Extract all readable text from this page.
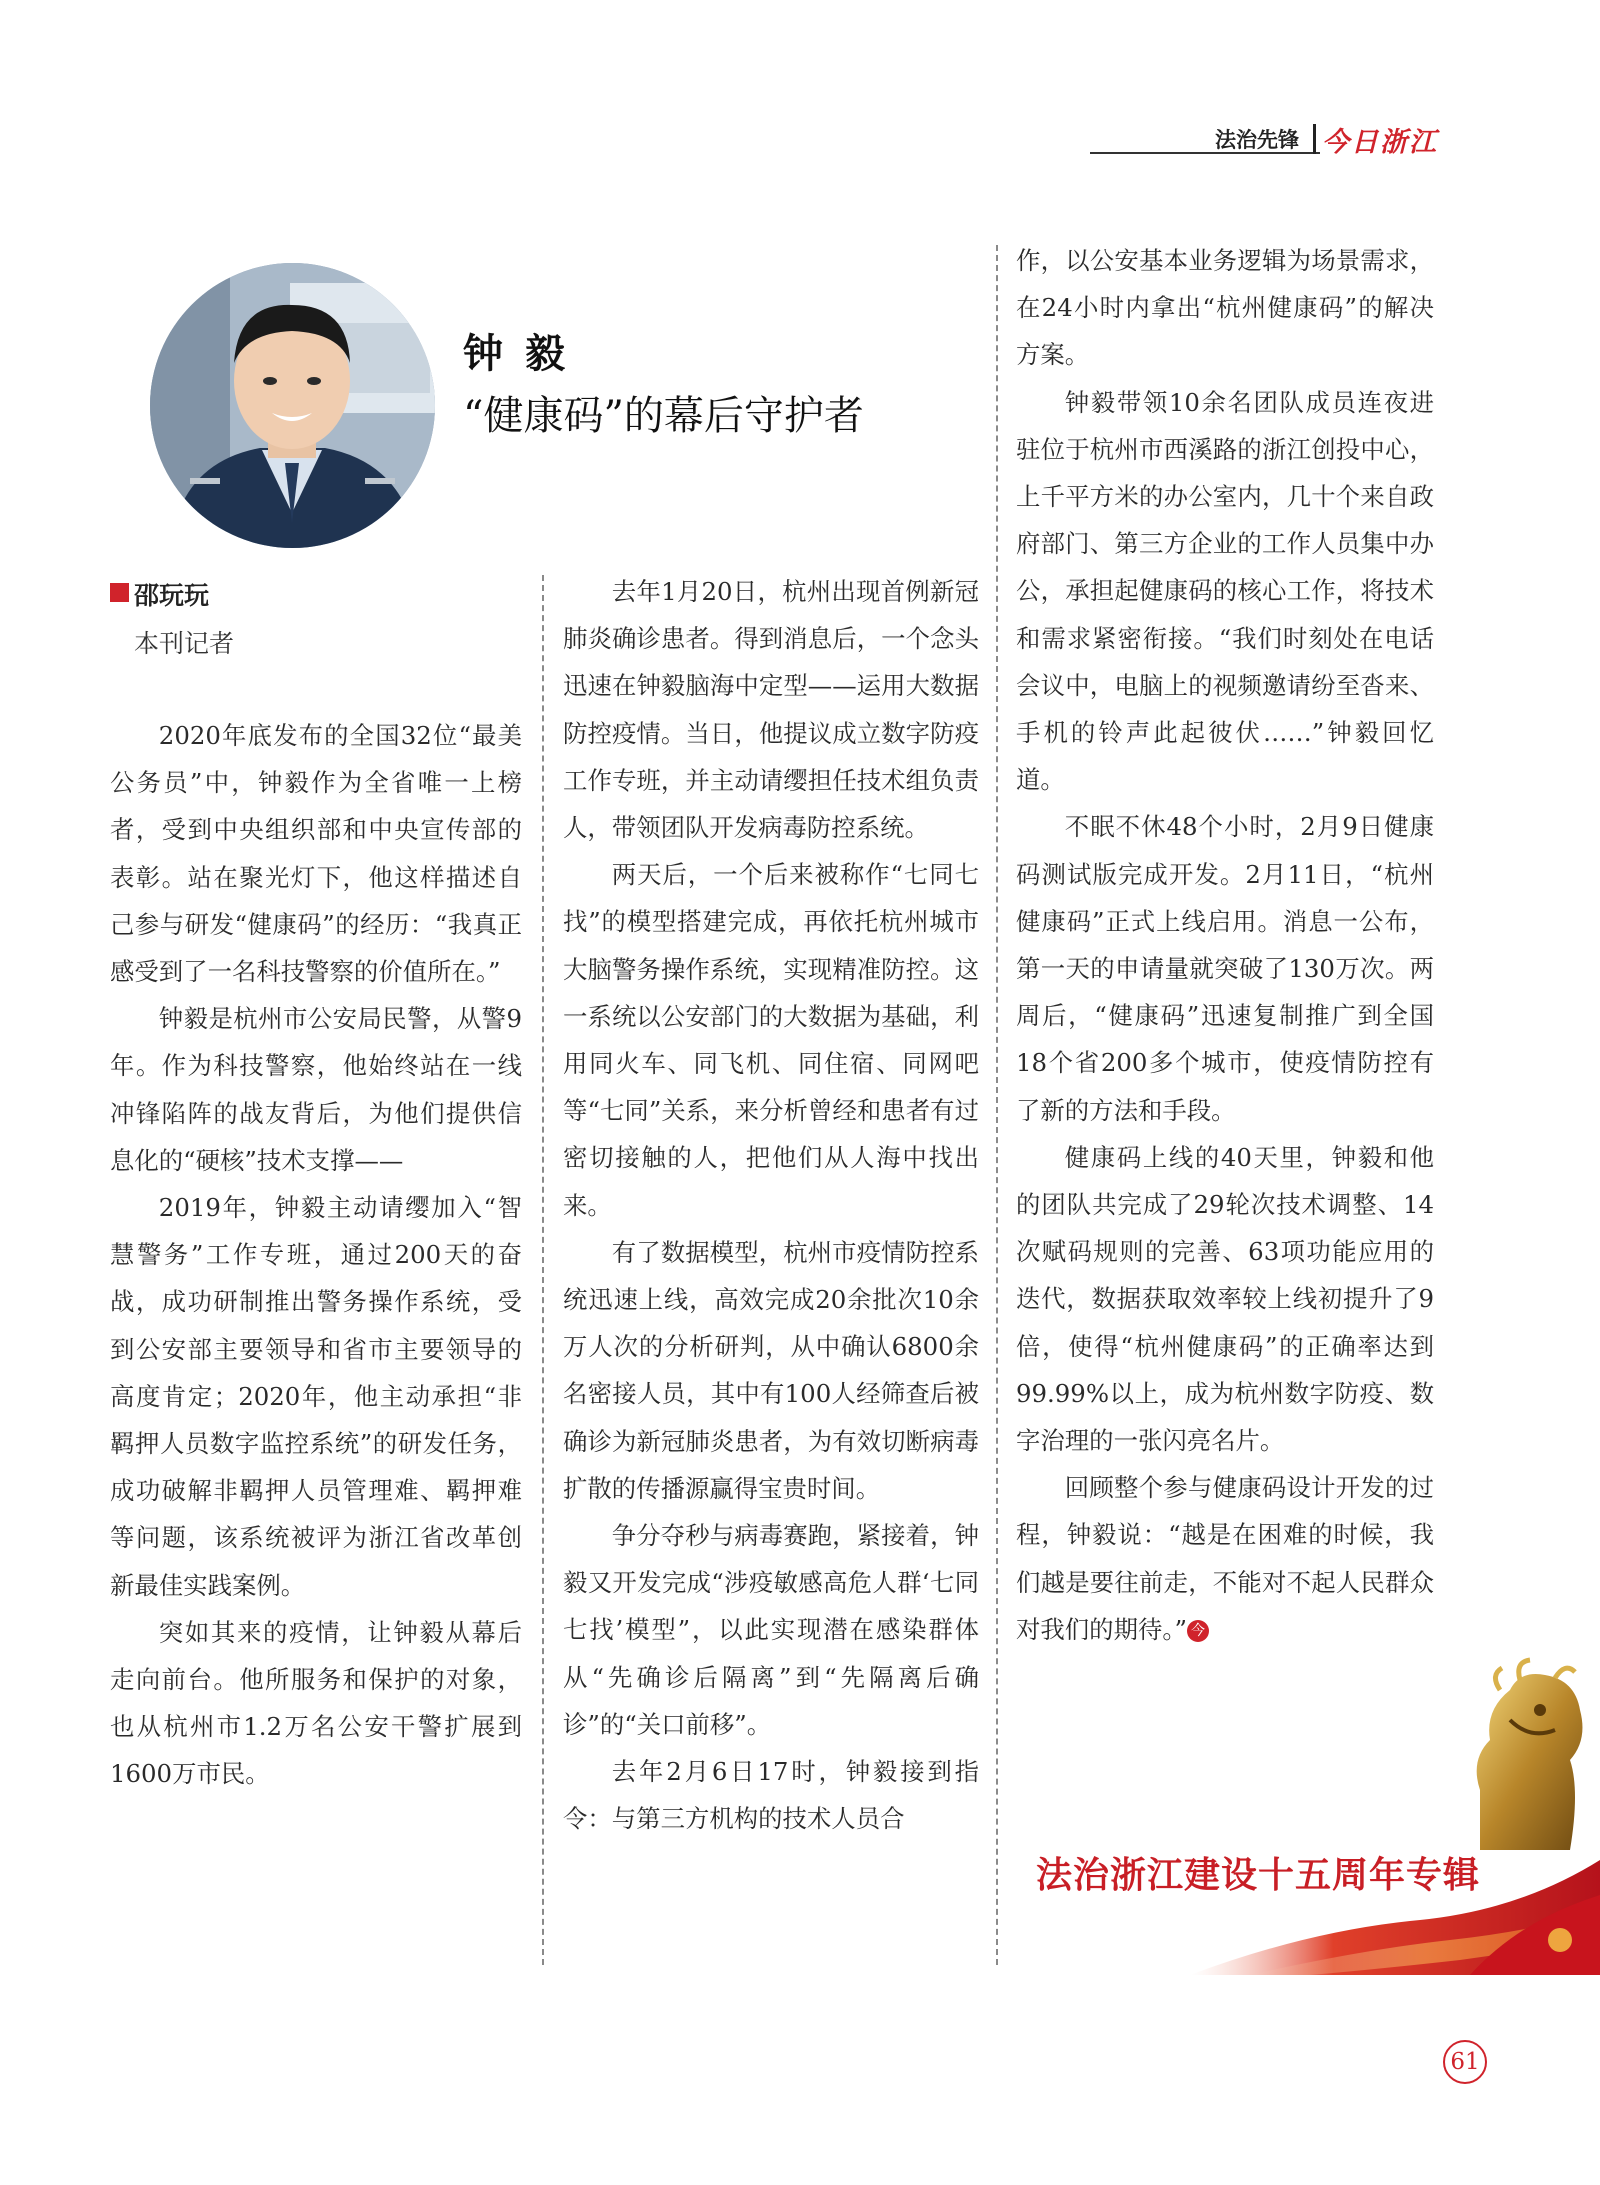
法治先锋 今日浙江
钟毅
“健康码”的幕后守护者
邵玩玩
本刊记者

2020年底发布的全国32位“最美公务员”中，钟毅作为全省唯一上榜者，受到中央组织部和中央宣传部的表彰。站在聚光灯下，他这样描述自己参与研发“健康码”的经历：“我真正感受到了一名科技警察的价值所在。”

钟毅是杭州市公安局民警，从警9年。作为科技警察，他始终站在一线冲锋陷阵的战友背后，为他们提供信息化的“硬核”技术支撑——

2019年，钟毅主动请缨加入“智慧警务”工作专班，通过200天的奋战，成功研制推出警务操作系统，受到公安部主要领导和省市主要领导的高度肯定；2020年，他主动承担“非羁押人员数字监控系统”的研发任务，成功破解非羁押人员管理难、羁押难等问题，该系统被评为浙江省改革创新最佳实践案例。

突如其来的疫情，让钟毅从幕后走向前台。他所服务和保护的对象，也从杭州市1.2万名公安干警扩展到1600万市民。

去年1月20日，杭州出现首例新冠肺炎确诊患者。得到消息后，一个念头迅速在钟毅脑海中定型——运用大数据防控疫情。当日，他提议成立数字防疫工作专班，并主动请缨担任技术组负责人，带领团队开发病毒防控系统。

两天后，一个后来被称作“七同七找”的模型搭建完成，再依托杭州城市大脑警务操作系统，实现精准防控。这一系统以公安部门的大数据为基础，利用同火车、同飞机、同住宿、同网吧等“七同”关系，来分析曾经和患者有过密切接触的人，把他们从人海中找出来。

有了数据模型，杭州市疫情防控系统迅速上线，高效完成20余批次10余万人次的分析研判，从中确认6800余名密接人员，其中有100人经筛查后被确诊为新冠肺炎患者，为有效切断病毒扩散的传播源赢得宝贵时间。

争分夺秒与病毒赛跑，紧接着，钟毅又开发完成“涉疫敏感高危人群‘七同七找’模型”，以此实现潜在感染群体从“先确诊后隔离”到“先隔离后确诊”的“关口前移”。

去年2月6日17时，钟毅接到指令：与第三方机构的技术人员合

作，以公安基本业务逻辑为场景需求，在24小时内拿出“杭州健康码”的解决方案。

钟毅带领10余名团队成员连夜进驻位于杭州市西溪路的浙江创投中心，上千平方米的办公室内，几十个来自政府部门、第三方企业的工作人员集中办公，承担起健康码的核心工作，将技术和需求紧密衔接。“我们时刻处在电话会议中，电脑上的视频邀请纷至沓来、手机的铃声此起彼伏……”钟毅回忆道。

不眠不休48个小时，2月9日健康码测试版完成开发。2月11日，“杭州健康码”正式上线启用。消息一公布，第一天的申请量就突破了130万次。两周后，“健康码”迅速复制推广到全国18个省200多个城市，使疫情防控有了新的方法和手段。

健康码上线的40天里，钟毅和他的团队共完成了29轮次技术调整、14次赋码规则的完善、63项功能应用的迭代，数据获取效率较上线初提升了9倍，使得“杭州健康码”的正确率达到99.99%以上，成为杭州数字防疫、数字治理的一张闪亮名片。

回顾整个参与健康码设计开发的过程，钟毅说：“越是在困难的时候，我们越是要往前走，不能对不起人民群众对我们的期待。” 今

法治浙江建设十五周年专辑
61
